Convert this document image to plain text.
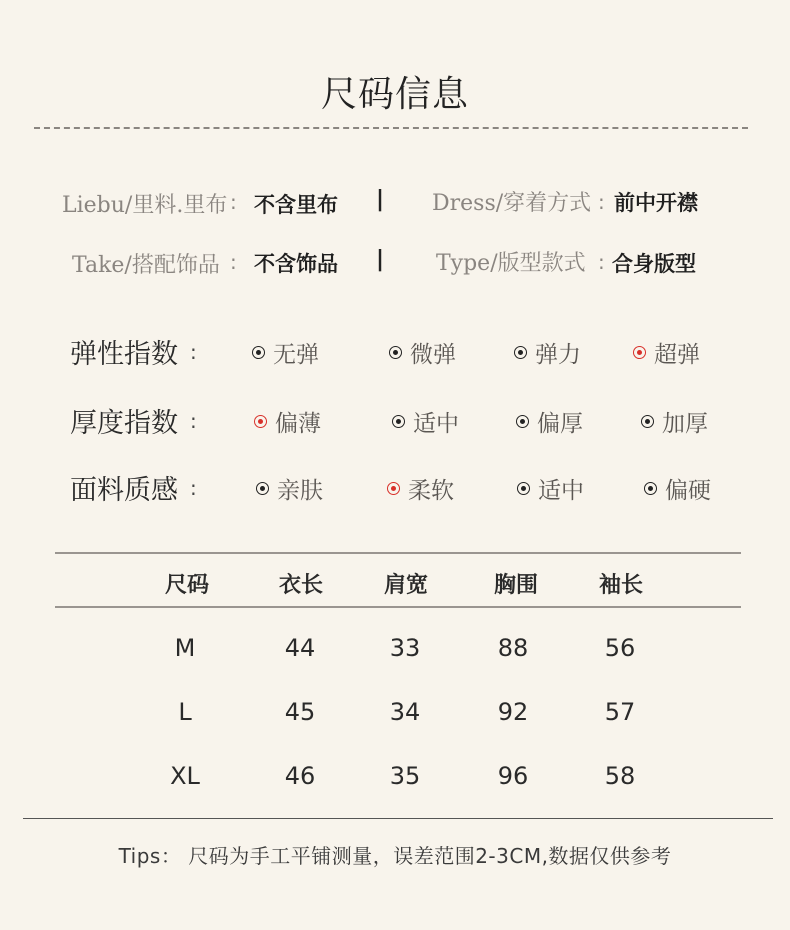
尺码信息
Liebu/里料.里布 : 不含里布 | Dress/穿着方式 : 前中开襟
Take/搭配饰品 : 不含饰品 | Type/版型款式 : 合身版型
弹性指数 :	无弹	微弹	弹力	超弹
厚度指数 :	偏薄	适中	偏厚	加厚
面料质感 :	亲肤	柔软	适中	偏硬
尺码	衣长	肩宽	胸围	袖长
M	44	33	88	56
L	45	34	92	57
XL	46	35	96	58
Tips： 尺码为手工平铺测量，误差范围2-3CM,数据仅供参考
